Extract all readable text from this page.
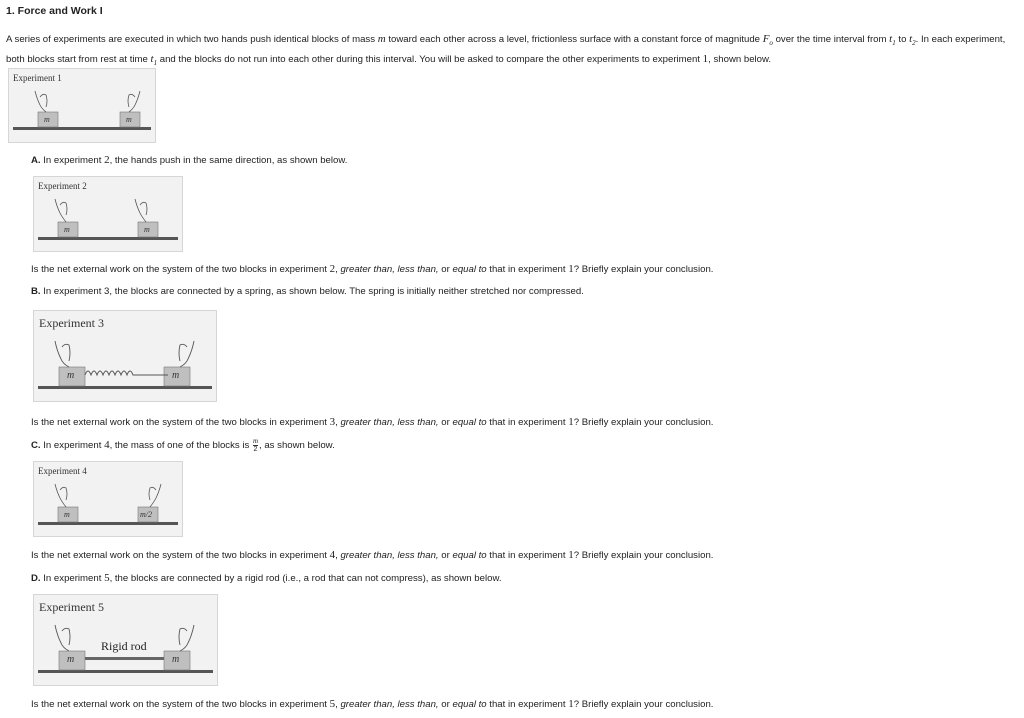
1. Force and Work I
A series of experiments are executed in which two hands push identical blocks of mass m toward each other across a level, frictionless surface with a constant force of magnitude $F_o$ over the time interval from $t_1$ to $t_2$. In each experiment, both blocks start from rest at time $t_1$ and the blocks do not run into each other during this interval. You will be asked to compare the other experiments to experiment 1, shown below.
Experiment 1
m	m
A. In experiment 2, the hands push in the same direction, as shown below.
Experiment 2
m	m
Is the net external work on the system of the two blocks in experiment 2, greater than, less than, or equal to that in experiment 1? Briefly explain your conclusion.
B. In experiment 3, the blocks are connected by a spring, as shown below. The spring is initially neither stretched nor compressed.
Experiment 3
m	m
Is the net external work on the system of the two blocks in experiment 3, greater than, less than, or equal to that in experiment 1? Briefly explain your conclusion.
C. In experiment 4, the mass of one of the blocks is $\frac{m}{2}$ , as shown below.
Experiment 4
m	m/2
Is the net external work on the system of the two blocks in experiment 4, greater than, less than, or equal to that in experiment 1? Briefly explain your conclusion.
D. In experiment 5, the blocks are connected by a rigid rod (i.e., a rod that can not compress), as shown below.
Experiment 5
Rigid rod
m	m
Is the net external work on the system of the two blocks in experiment 5, greater than, less than, or equal to that in experiment 1? Briefly explain your conclusion.
